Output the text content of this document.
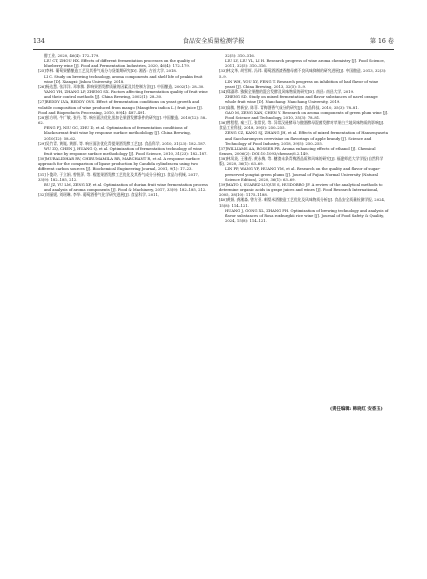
134	食品安全质量检测学报	第 16 卷

醇工业, 2020, 46(4): 172–179.

LIU CT, ZHOU HX. Effects of different fermentation processes on the quality of blueberry wine [J]. Food and Fermentation Industries, 2020, 46(4): 172–179.

[25]李林. 葡萄果醋酿造工艺及其香气成分与货架期研究[D]. 湘西: 吉首大学, 2018.

LI C. Study on brewing technology, aroma components and shelf life of peakin fruit wine [D]. Xiangxi: Jishou University, 2018.

[26]杨达慧, 张洋洋, 邓家敏. 影响果酒发酵质量的因素及其控制方法[J]. 中国酿造, 2002(1): 28–30.

YANG YH, ZHANG LP, ZHENG SX. Factors affecting fermentation quality of fruit wine and their control methods [J]. China Brewing, 2002(1): 28–30.

[27]REDDY LVA, REDDY OVS. Effect of fermentation conditions on yeast growth and volatile composition of wine produced from mango (Mangifera indica L.) fruit juice [J]. Food and Bioproducts Processing, 2010, 89(4): 487–491.

[28]彭方明, 牛广敏, 张丹, 等. 响应面法优化黑加仑果酒发酵条件的研究[J]. 中国酿造, 2010(12): 58–62.

PENG FJ, NIU GC, ZHU D, et al. Optimization of fermentation conditions of blackcurrant fruit wine by response surface methodology [J]. China Brewing, 2010(12): 58–62.

[29]吴竹青, 黄胤, 黄群, 等. 响应面法优化青提果酒发酵工艺[J]. 食品科学, 2010, 31(23): 182–187.

WU ZQ, CHEN J, HUANG Q, et al. Optimization of fermentation technology of wine fruit wine by response surface methodology [J]. Food Science, 2010, 31(23): 182–187.

[30]MURALIDHAR RV, CHIRUMAMILA RR, MARCHANT R, et al. A response surface approach for the comparison of lipase production by Candida cylindracea using two different carbon sources [J]. Biochemical Engineering Journal, 2001, 9(1): 17–23.

[31]卜俊玲, 于立娟, 曾锐萍, 等. 榴莲果酒发酵工艺优化及其香气成分分析[J]. 食品与机械, 2017, 33(9): 182–185, 212.

BU JZ, YU LM, ZENG XP, et al. Optimization of durian fruit wine fermentation process and analysis of aroma components [J]. Food & Machinery, 2017, 33(9): 182–185, 212.

[32]刘丽媛, 刘瑶琳, 李华. 葡萄酒香气化学研究进展[J]. 食品科学, 2011,

32(5): 310–316.

LIU LY, LIU YL, LI H. Research progress of wine aroma chemistry [J]. Food Science, 2011, 32(5): 310–316.

[33]林文华, 胡雪辉, 冯玮. 葡萄酒酒渣香酿母菌不良风味抑制的研究进展[J]. 中国酿造, 2013, 32(3): 5–9.

LIN WH, YOU XY, FENG T. Research progress on inhibition of bad flavor of wine yeast [J]. China Brewing, 2013, 32(5): 5–9.

[34]郑淑珍. 猕猴全果酿的混合发酵及风味物质的研究[D]. 南昌: 南昌大学, 2019.

ZHENG SD. Study on mixed fermentation and flavor substances of navel orange whole fruit wine [D]. Nanchang: Nanchang University, 2019.

[35]高敏, 曾新安, 陈菲. 青梅酒香气成分的研究[J]. 食品科技, 2010, 35(3): 78–81.

GAO M, ZENG XAN, CHEN Y. Research on aroma components of green plum wine [J]. Food Science and Technology, 2010, 35(3): 78–81.

[36]曾程程, 秦三江, 张常民, 等. 异常汉逊酵母与酿酒酵母混菌发酵对苹果白兰地风味物质的影响[J]. 食品工业科技, 2018, 39(5): 250–255.

ZENG CZ, KANG SJ, ZHANG JH, et al. Effects of mixed fermentation of Hansenyaseta and Saccharomyces cerevisiae on flavorings of apple brandy [J]. Science and Technology of Food Industry, 2018, 39(5): 250–255.

[37]WILLIAMS AA, ROSSER PR. Aroma enhancing effects of ethanol [J]. Chemical Senses, 2006(2): DOI:10.1093/chemse/6.2.149.

[38]林凤英, 王雅苔, 黄永梅, 等. 糖渣未条青梅酒品质和风味的研究[J]. 福建师范大学学报(自然科学版), 2020, 36(1): 63–69.

LIN FP, WANG YF, HUANG YM, et al. Research on the quality and flavor of sugar-preserved yongtai green plums [J]. Journal of Fujian Normal University (Natural Science Edition), 2020, 36(1): 63–69.

[39]MATO I, SUAREZ-LUQUE S, HUIDOBRO JF. A review of the analytical methods to determine organic acids in grape juices and wines [J]. Food Research International, 2005, 38(10): 1175–1188.

[40]黄娟, 龚湘淼, 曾方亚. 刺梨米酒酿造工艺优化及风味物质分析[J]. 食品安全质量检测学报, 2024, 15(8): 114–121.

HUANG J, GONG XL, ZHANG FH. Optimization of brewing technology and analysis of flavor substances of Rosa roxburghii rice wine [J]. Journal of Food Safety & Quality, 2024, 15(8): 114–121.

(责任编辑: 韩晓红 安香玉)
